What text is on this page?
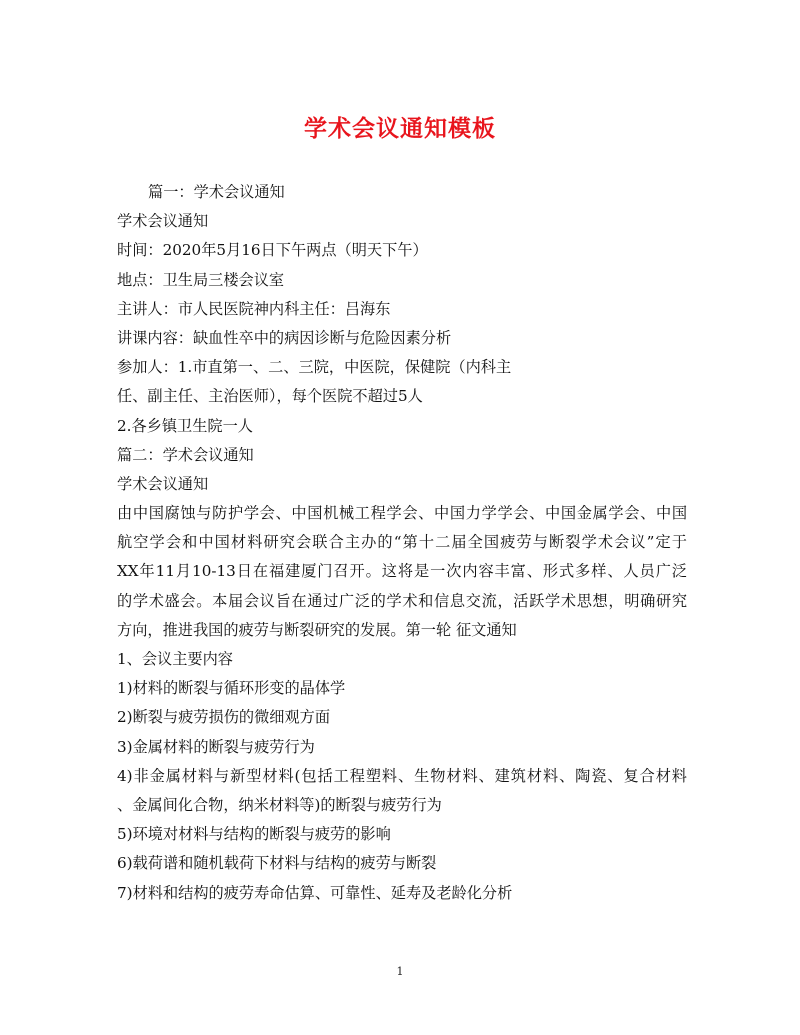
学术会议通知模板
篇一：学术会议通知
学术会议通知
时间：2020年5月16日下午两点（明天下午）
地点：卫生局三楼会议室
主讲人：市人民医院神内科主任：吕海东
讲课内容：缺血性卒中的病因诊断与危险因素分析
参加人：1.市直第一、二、三院，中医院，保健院（内科主
任、副主任、主治医师），每个医院不超过5人
2.各乡镇卫生院一人
篇二：学术会议通知
学术会议通知
由中国腐蚀与防护学会、中国机械工程学会、中国力学学会、中国金属学会、中国
航空学会和中国材料研究会联合主办的“第十二届全国疲劳与断裂学术会议”定于
XX年11月10-13日在福建厦门召开。这将是一次内容丰富、形式多样、人员广泛
的学术盛会。本届会议旨在通过广泛的学术和信息交流，活跃学术思想，明确研究
方向，推进我国的疲劳与断裂研究的发展。第一轮 征文通知
1、会议主要内容
1)材料的断裂与循环形变的晶体学
2)断裂与疲劳损伤的微细观方面
3)金属材料的断裂与疲劳行为
4)非金属材料与新型材料(包括工程塑料、生物材料、建筑材料、陶瓷、复合材料
、金属间化合物，纳米材料等)的断裂与疲劳行为
5)环境对材料与结构的断裂与疲劳的影响
6)载荷谱和随机载荷下材料与结构的疲劳与断裂
7)材料和结构的疲劳寿命估算、可靠性、延寿及老龄化分析
1
